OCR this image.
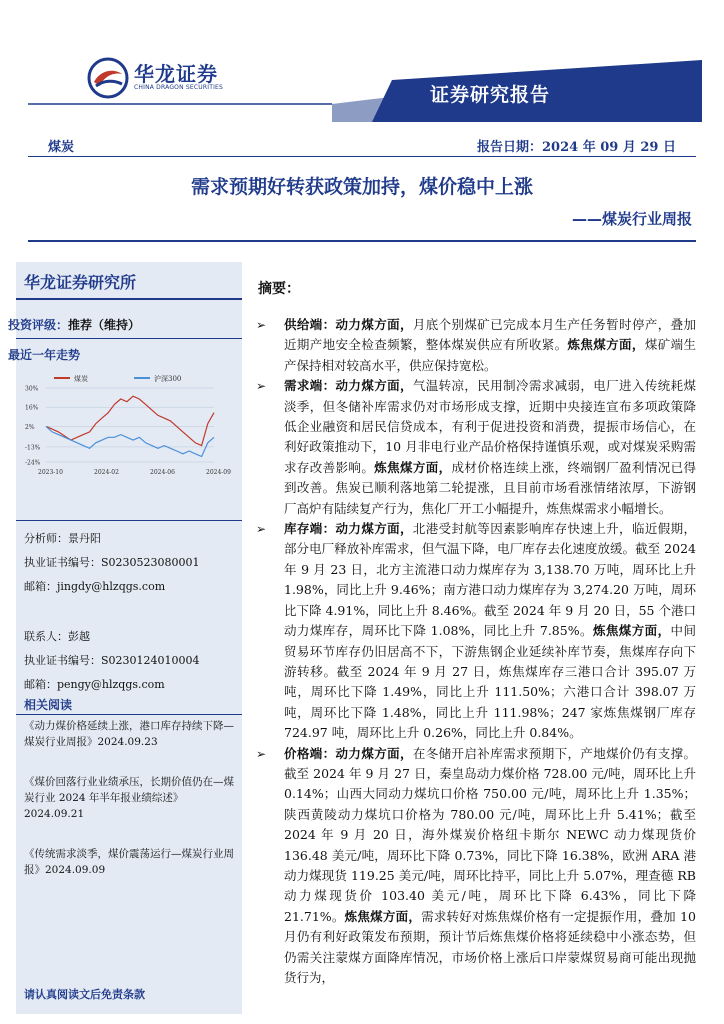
华龙证券
CHINA DRAGON SECURITIES	证券研究报告
煤炭	报告日期：2024 年 09 月 29 日
需求预期好转获政策加持，煤价稳中上涨
——煤炭行业周报
华龙证券研究所
投资评级：推荐（维持）
最近一年走势
煤炭	沪深300
30%
16%
2%
-13%
-24%
2023-10	2024-02	2024-06	2024-09
分析师：景丹阳
执业证书编号：S0230523080001
邮箱：jingdy@hlzqgs.com
联系人：彭越
执业证书编号：S0230124010004
邮箱：pengy@hlzqgs.com
相关阅读
《动力煤价格延续上涨，港口库存持续下降—煤炭行业周报》2024.09.23
《煤价回落行业业绩承压，长期价值仍在—煤炭行业 2024 年半年报业绩综述》2024.09.21
《传统需求淡季，煤价震荡运行—煤炭行业周报》2024.09.09
请认真阅读文后免责条款
摘要：
➢ 供给端：动力煤方面，月底个别煤矿已完成本月生产任务暂时停产，叠加近期产地安全检查频繁，整体煤炭供应有所收紧。炼焦煤方面，煤矿端生产保持相对较高水平，供应保持宽松。
➢ 需求端：动力煤方面，气温转凉，民用制冷需求减弱，电厂进入传统耗煤淡季，但冬储补库需求仍对市场形成支撑，近期中央接连宣布多项政策降低企业融资和居民信贷成本，有利于促进投资和消费，提振市场信心，在利好政策推动下，10 月非电行业产品价格保持谨慎乐观，或对煤炭采购需求存改善影响。炼焦煤方面，成材价格连续上涨，终端钢厂盈利情况已得到改善。焦炭已顺利落地第二轮提涨，且目前市场看涨情绪浓厚，下游钢厂高炉有陆续复产行为，焦化厂开工小幅提升，炼焦煤需求小幅增长。
➢ 库存端：动力煤方面，北港受封航等因素影响库存快速上升，临近假期，部分电厂释放补库需求，但气温下降，电厂库存去化速度放缓。截至 2024 年 9 月 23 日，北方主流港口动力煤库存为 3,138.70 万吨，周环比上升 1.98%，同比上升 9.46%；南方港口动力煤库存为 3,274.20 万吨，周环比下降 4.91%，同比上升 8.46%。截至 2024 年 9 月 20 日，55 个港口动力煤库存，周环比下降 1.08%，同比上升 7.85%。炼焦煤方面，中间贸易环节库存仍旧居高不下，下游焦钢企业延续补库节奏，焦煤库存向下游转移。截至 2024 年 9 月 27 日，炼焦煤库存三港口合计 395.07 万吨，周环比下降 1.49%，同比上升 111.50%；六港口合计 398.07 万吨，周环比下降 1.48%，同比上升 111.98%；247 家炼焦煤钢厂库存 724.97 吨，周环比上升 0.26%，同比上升 0.84%。
➢ 价格端：动力煤方面，在冬储开启补库需求预期下，产地煤价仍有支撑。截至 2024 年 9 月 27 日，秦皇岛动力煤价格 728.00 元/吨，周环比上升 0.14%；山西大同动力煤坑口价格 750.00 元/吨，周环比上升 1.35%；陕西黄陵动力煤坑口价格为 780.00 元/吨，周环比上升 5.41%；截至 2024 年 9 月 20 日，海外煤炭价格纽卡斯尔 NEWC 动力煤现货价 136.48 美元/吨，周环比下降 0.73%，同比下降 16.38%，欧洲 ARA 港动力煤现货 119.25 美元/吨，周环比持平，同比上升 5.07%，理查德 RB 动力煤现货价 103.40 美元/吨，周环比下降 6.43%，同比下降 21.71%。炼焦煤方面，需求转好对炼焦煤价格有一定提振作用，叠加 10 月仍有利好政策发布预期，预计节后炼焦煤价格将延续稳中小涨态势，但仍需关注蒙煤方面降库情况，市场价格上涨后口岸蒙煤贸易商可能出现抛货行为，
